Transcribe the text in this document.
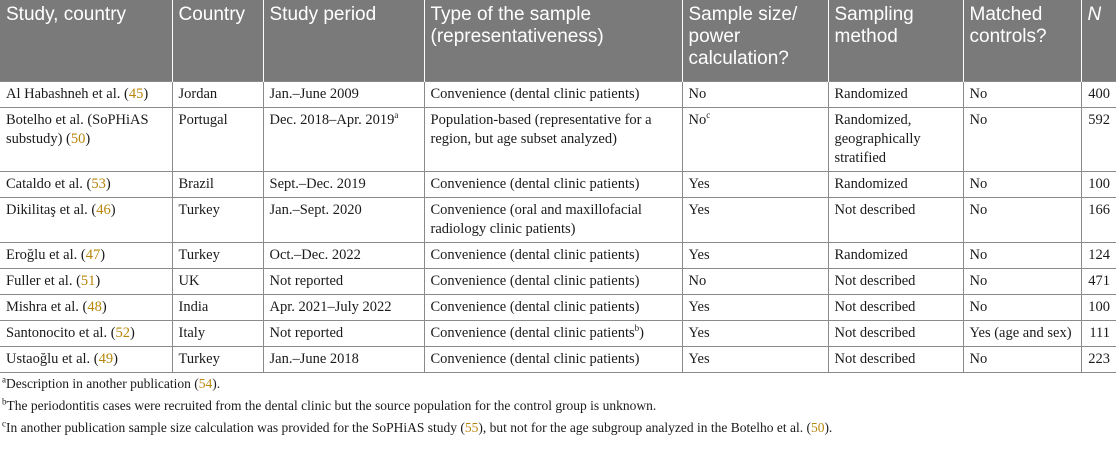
Study, country	Country	Study period	Type of the sample (representativeness)	Sample size/ power calculation?	Sampling method	Matched controls?	N
Al Habashneh et al. (45)	Jordan	Jan.–June 2009	Convenience (dental clinic patients)	No	Randomized	No	400
Botelho et al. (SoPHiAS substudy) (50)	Portugal	Dec. 2018–Apr. 2019$^a$	Population-based (representative for a region, but age subset analyzed)	No$^c$	Randomized, geographically stratified	No	592
Cataldo et al. (53)	Brazil	Sept.–Dec. 2019	Convenience (dental clinic patients)	Yes	Randomized	No	100
Dikilitaş et al. (46)	Turkey	Jan.–Sept. 2020	Convenience (oral and maxillofacial radiology clinic patients)	Yes	Not described	No	166
Eroğlu et al. (47)	Turkey	Oct.–Dec. 2022	Convenience (dental clinic patients)	Yes	Randomized	No	124
Fuller et al. (51)	UK	Not reported	Convenience (dental clinic patients)	No	Not described	No	471
Mishra et al. (48)	India	Apr. 2021–July 2022	Convenience (dental clinic patients)	Yes	Not described	No	100
Santonocito et al. (52)	Italy	Not reported	Convenience (dental clinic patients$^b$)	Yes	Not described	Yes (age and sex)	111
Ustaoğlu et al. (49)	Turkey	Jan.–June 2018	Convenience (dental clinic patients)	Yes	Not described	No	223

$^a$Description in another publication (54).

$^b$The periodontitis cases were recruited from the dental clinic but the source population for the control group is unknown.

$^c$In another publication sample size calculation was provided for the SoPHiAS study (55), but not for the age subgroup analyzed in the Botelho et al. (50).
